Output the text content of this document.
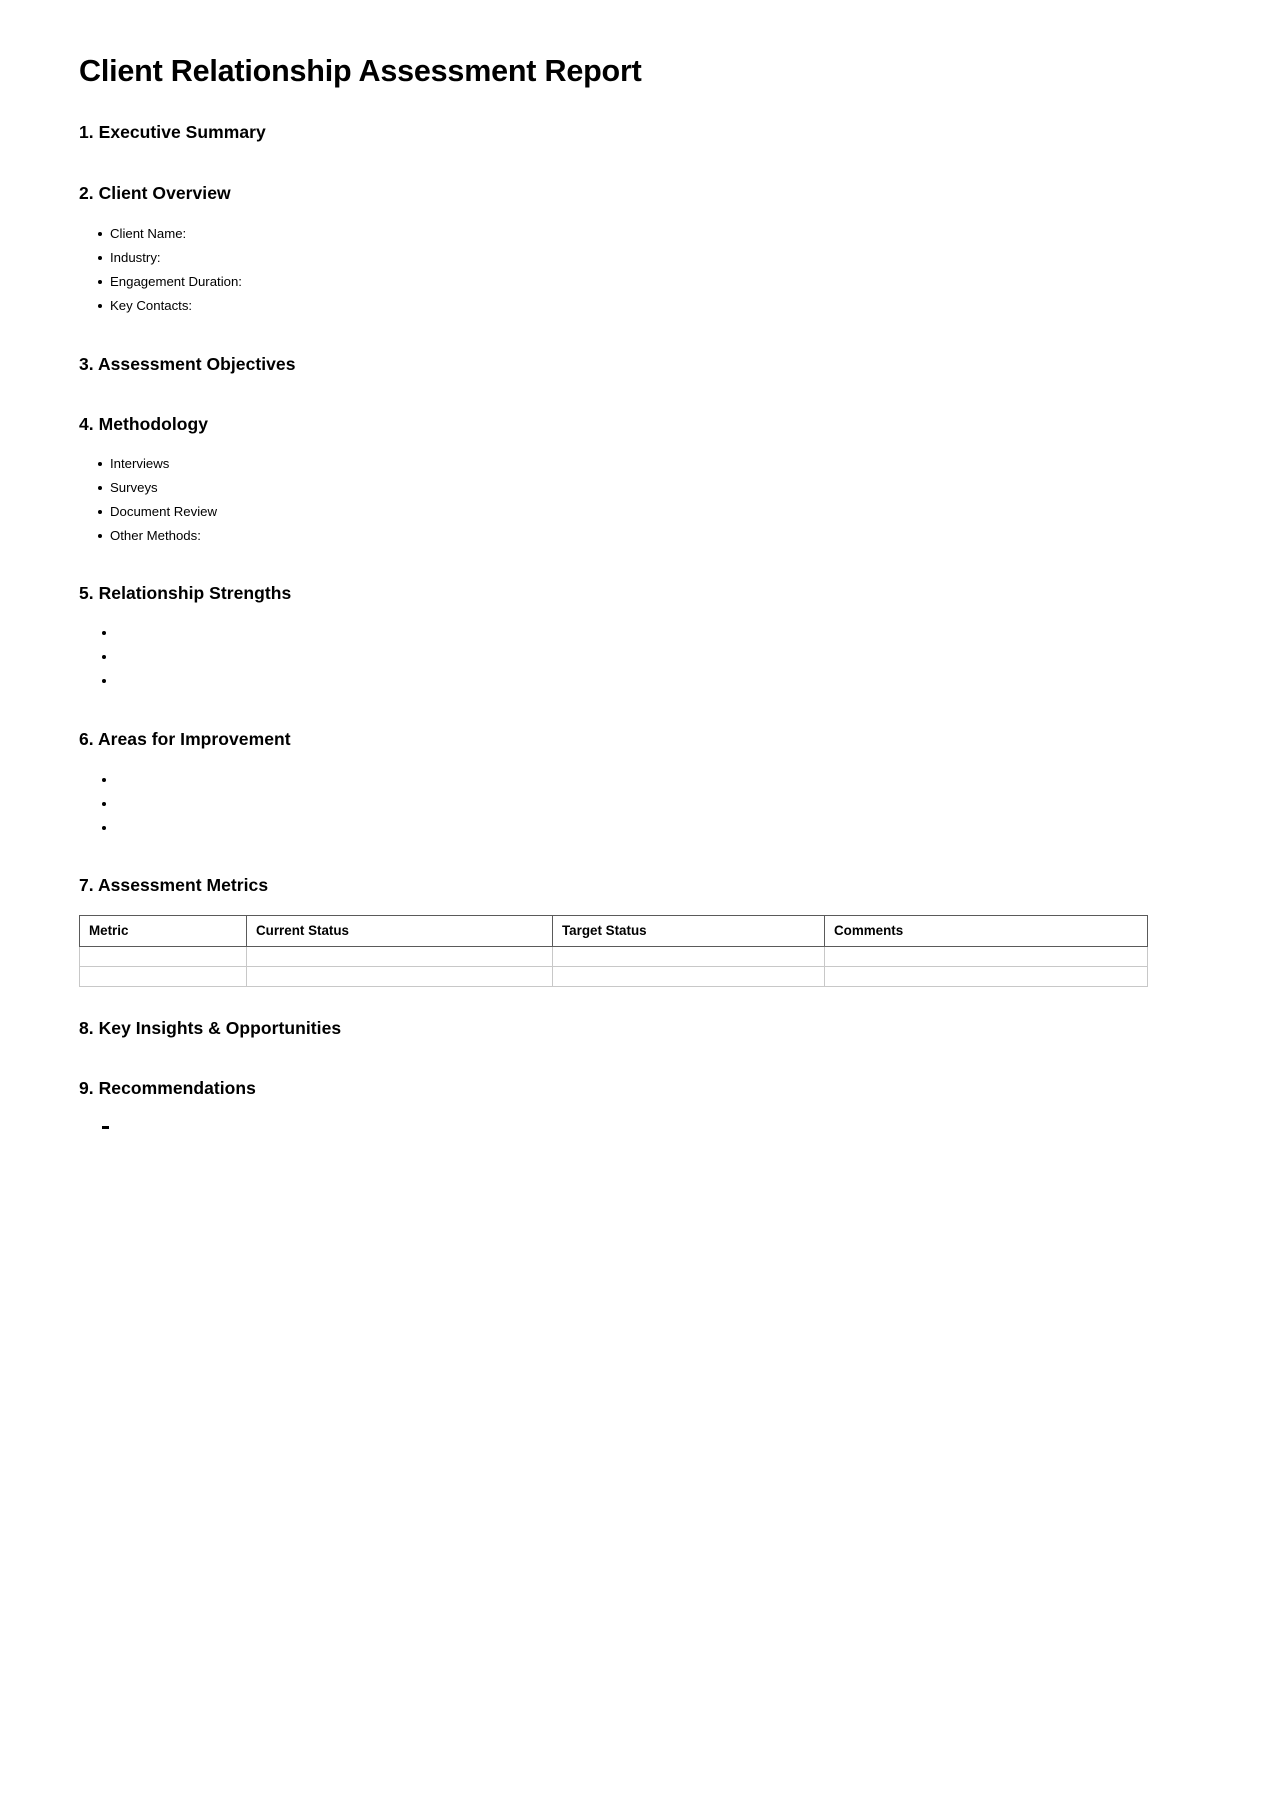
Client Relationship Assessment Report
1. Executive Summary
2. Client Overview
Client Name:
Industry:
Engagement Duration:
Key Contacts:
3. Assessment Objectives
4. Methodology
Interviews
Surveys
Document Review
Other Methods:
5. Relationship Strengths
6. Areas for Improvement
7. Assessment Metrics
Metric	Current Status	Target Status	Comments

8. Key Insights & Opportunities
9. Recommendations
